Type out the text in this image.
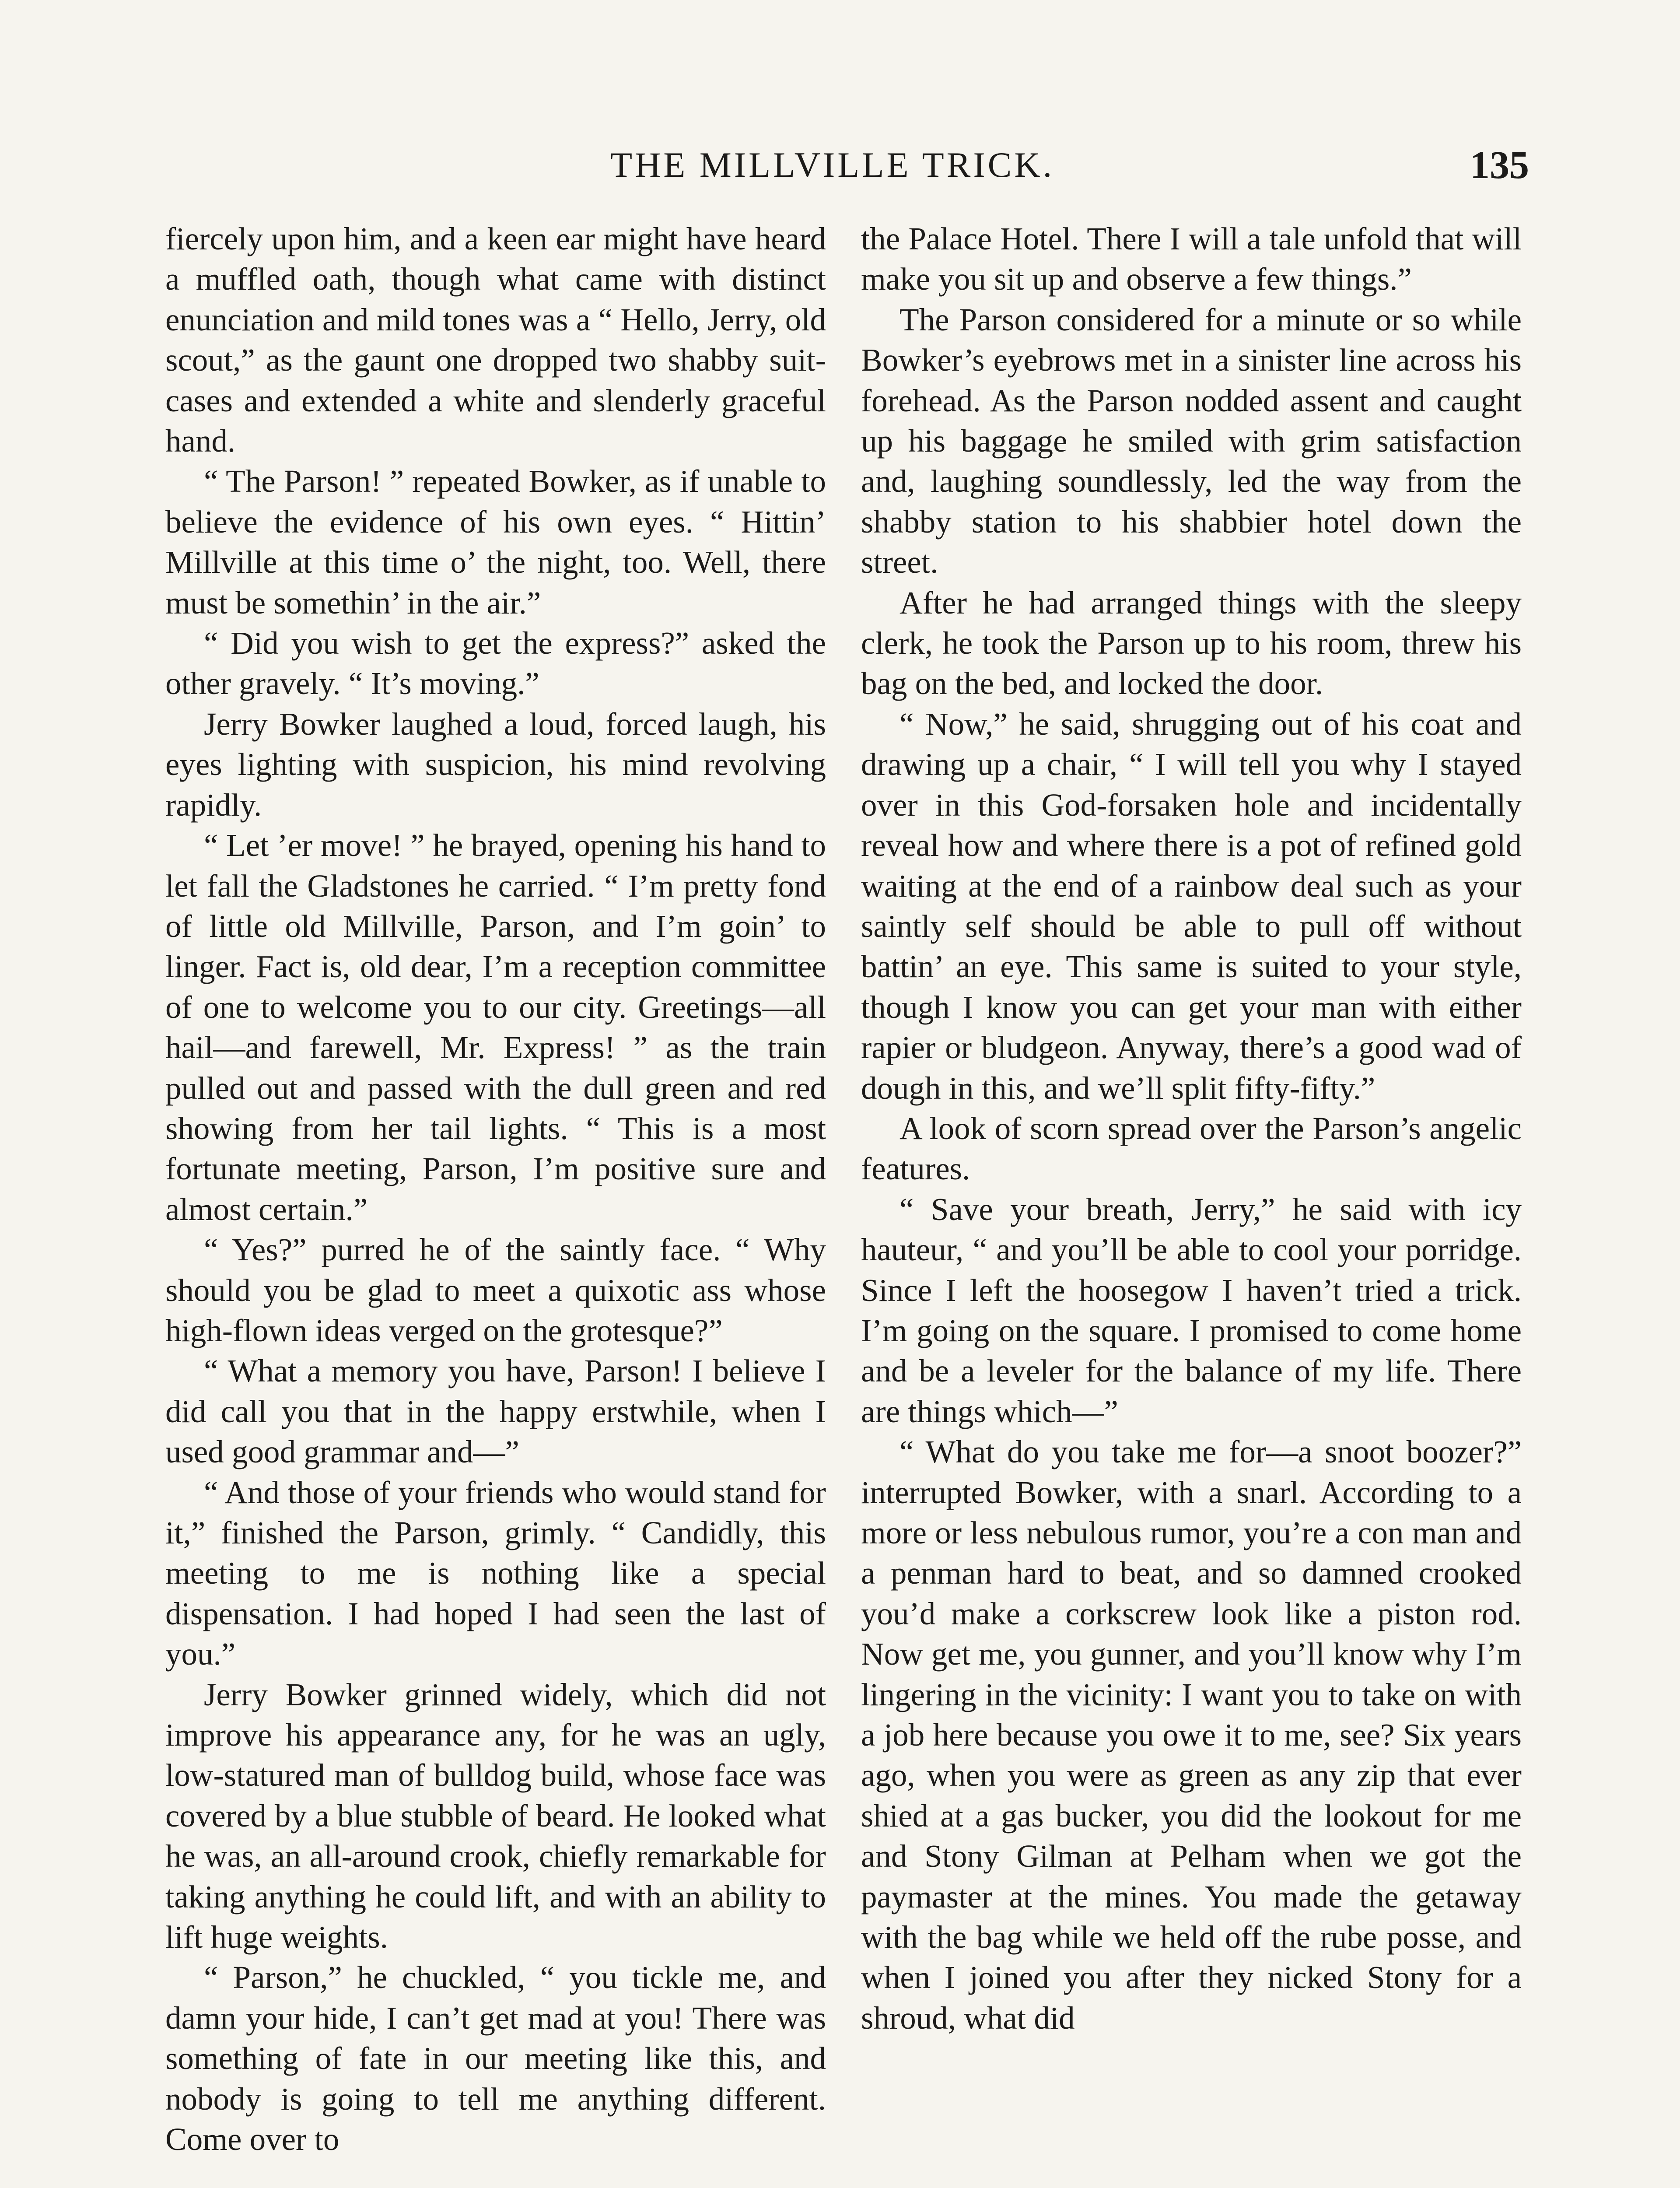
THE MILLVILLE TRICK.	135

fiercely upon him, and a keen ear might have heard a muffled oath, though what came with distinct enunciation and mild tones was a “ Hello, Jerry, old scout,” as the gaunt one dropped two shabby suit-cases and extended a white and slenderly graceful hand.

“ The Parson! ” repeated Bowker, as if unable to believe the evidence of his own eyes. “ Hittin’ Millville at this time o’ the night, too. Well, there must be somethin’ in the air.”

“ Did you wish to get the express?” asked the other gravely. “ It’s moving.”

Jerry Bowker laughed a loud, forced laugh, his eyes lighting with suspicion, his mind revolving rapidly.

“ Let ’er move! ” he brayed, opening his hand to let fall the Gladstones he carried. “ I’m pretty fond of little old Millville, Parson, and I’m goin’ to linger. Fact is, old dear, I’m a reception committee of one to welcome you to our city. Greetings—all hail—and farewell, Mr. Express! ” as the train pulled out and passed with the dull green and red showing from her tail lights. “ This is a most fortunate meeting, Parson, I’m positive sure and almost certain.”

“ Yes?” purred he of the saintly face. “ Why should you be glad to meet a quixotic ass whose high-flown ideas verged on the grotesque?”

“ What a memory you have, Parson! I believe I did call you that in the happy erstwhile, when I used good grammar and—”

“ And those of your friends who would stand for it,” finished the Parson, grimly. “ Candidly, this meeting to me is nothing like a special dispensation. I had hoped I had seen the last of you.”

Jerry Bowker grinned widely, which did not improve his appearance any, for he was an ugly, low-statured man of bulldog build, whose face was covered by a blue stubble of beard. He looked what he was, an all-around crook, chiefly remarkable for taking anything he could lift, and with an ability to lift huge weights.

“ Parson,” he chuckled, “ you tickle me, and damn your hide, I can’t get mad at you! There was something of fate in our meeting like this, and nobody is going to tell me anything different. Come over to

the Palace Hotel. There I will a tale unfold that will make you sit up and observe a few things.”

The Parson considered for a minute or so while Bowker’s eyebrows met in a sinister line across his forehead. As the Parson nodded assent and caught up his baggage he smiled with grim satisfaction and, laughing soundlessly, led the way from the shabby station to his shabbier hotel down the street.

After he had arranged things with the sleepy clerk, he took the Parson up to his room, threw his bag on the bed, and locked the door.

“ Now,” he said, shrugging out of his coat and drawing up a chair, “ I will tell you why I stayed over in this God-forsaken hole and incidentally reveal how and where there is a pot of refined gold waiting at the end of a rainbow deal such as your saintly self should be able to pull off without battin’ an eye. This same is suited to your style, though I know you can get your man with either rapier or bludgeon. Anyway, there’s a good wad of dough in this, and we’ll split fifty-fifty.”

A look of scorn spread over the Parson’s angelic features.

“ Save your breath, Jerry,” he said with icy hauteur, “ and you’ll be able to cool your porridge. Since I left the hoosegow I haven’t tried a trick. I’m going on the square. I promised to come home and be a leveler for the balance of my life. There are things which—”

“ What do you take me for—a snoot boozer?” interrupted Bowker, with a snarl. According to a more or less nebulous rumor, you’re a con man and a penman hard to beat, and so damned crooked you’d make a corkscrew look like a piston rod. Now get me, you gunner, and you’ll know why I’m lingering in the vicinity: I want you to take on with a job here because you owe it to me, see? Six years ago, when you were as green as any zip that ever shied at a gas bucker, you did the lookout for me and Stony Gilman at Pelham when we got the paymaster at the mines. You made the getaway with the bag while we held off the rube posse, and when I joined you after they nicked Stony for a shroud, what did
